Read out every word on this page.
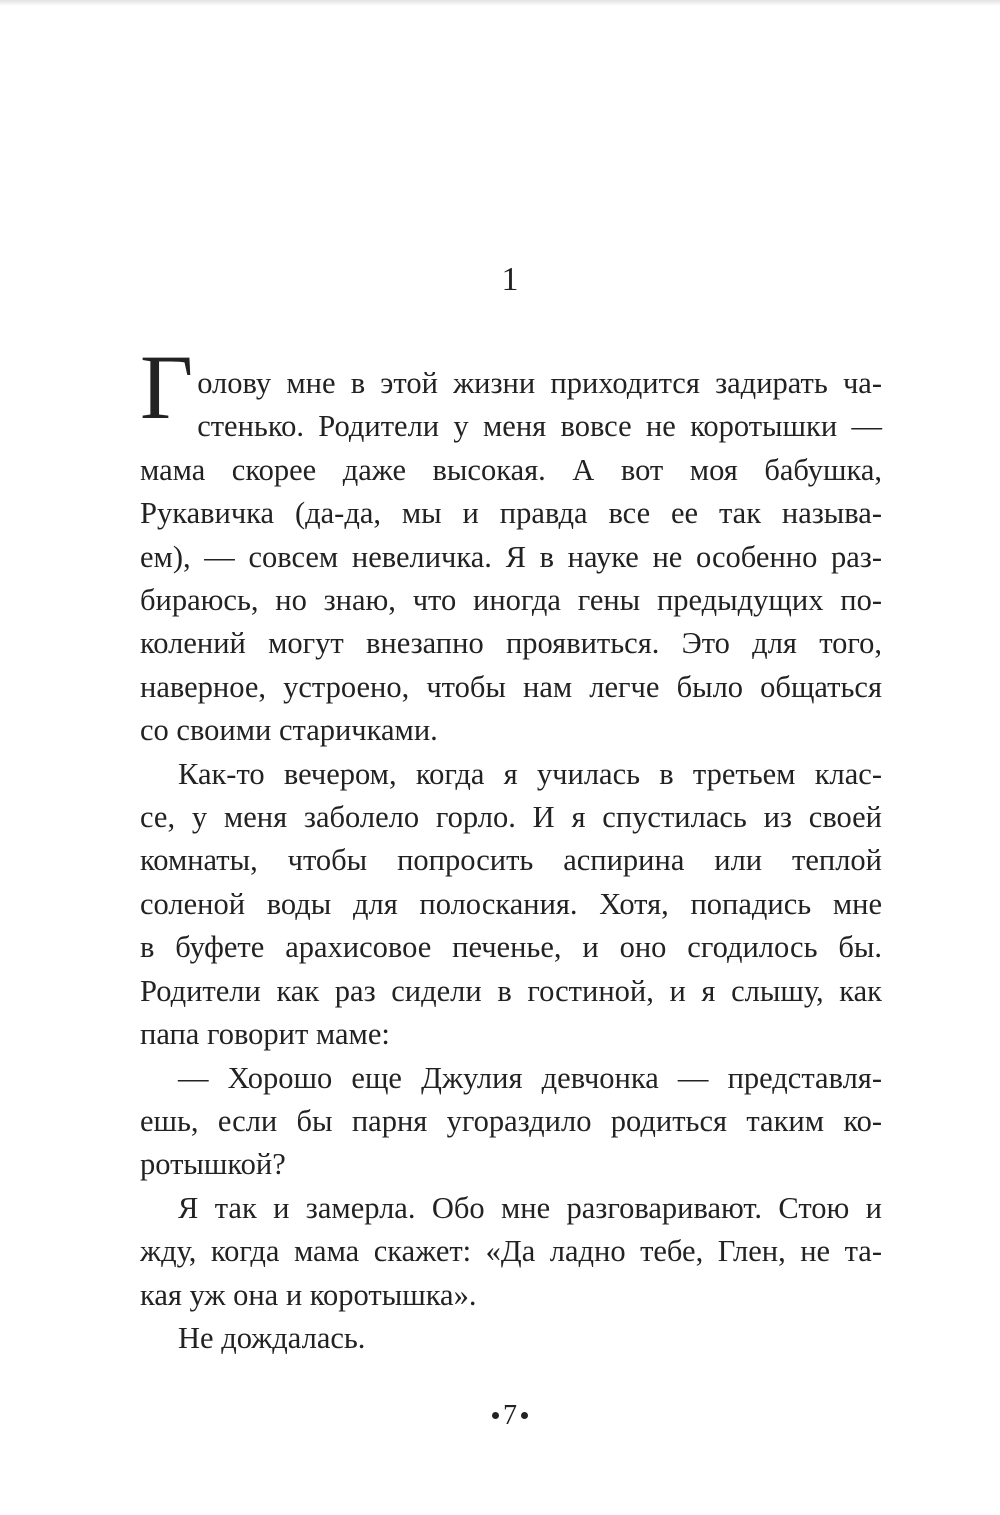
1
Г олову мне в этой жизни приходится задирать ча-
стенько. Родители у меня вовсе не коротышки —
мама скорее даже высокая. А вот моя бабушка,
Рукавичка (да-да, мы и правда все ее так называ-
ем), — совсем невеличка. Я в науке не особенно раз-
бираюсь, но знаю, что иногда гены предыдущих по-
колений могут внезапно проявиться. Это для того,
наверное, устроено, чтобы нам легче было общаться
со своими старичками.
Как-то вечером, когда я училась в третьем клас-
се, у меня заболело горло. И я спустилась из своей
комнаты, чтобы попросить аспирина или теплой
соленой воды для полоскания. Хотя, попадись мне
в буфете арахисовое печенье, и оно сгодилось бы.
Родители как раз сидели в гостиной, и я слышу, как
папа говорит маме:
— Хорошо еще Джулия девчонка — представля-
ешь, если бы парня угораздило родиться таким ко-
ротышкой?
Я так и замерла. Обо мне разговаривают. Стою и
жду, когда мама скажет: «Да ладно тебе, Глен, не та-
кая уж она и коротышка».
Не дождалась.
7
